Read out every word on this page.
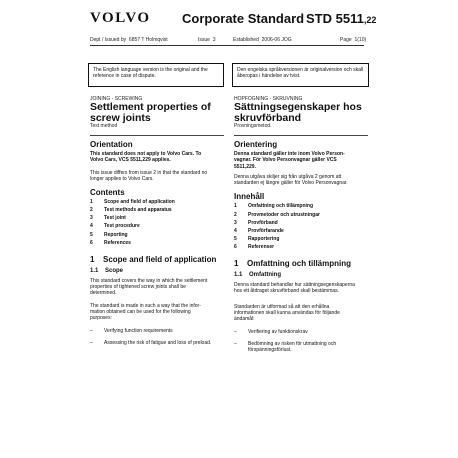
VOLVO Corporate Standard STD 5511,22
Dept / Issued by 6857 T Holmqvist	Issue 3	Established 2006-06 JOG	Page 1(10)
The English language version is the original and the reference in case of dispute.
Den engelska språkversionen är originalversion och skall åberopas i händelse av tvist.
JOINING - SCREWING
Settlement properties of
screw joints
Test method
Orientation
This standard does not apply to Volvo Cars. To
Volvo Cars, VCS 5511,229 applies.
This issue differs from issue 2 in that the standard no
longer applies to Volvo Cars.
Contents
1 Scope and field of application
2 Test methods and apparatus
3 Test joint
4 Test procedure
5 Reporting
6 References
1 Scope and field of application
1.1 Scope
This standard covers the way in which the settlement
properties of tightened screw joints shall be
determined.
The standard is made in such a way that the infor-
mation obtained can be used for the following
purposes:
– Verifying function requirements
– Assessing the risk of fatigue and loss of preload.
HOPFOGNING - SKRUVNING
Sättningsegenskaper hos
skruvförband
Provningsmetod.
Orientering
Denna standard gäller inte inom Volvo Person-
vagnar. För Volvo Personvagnar gäller VCS
5511,229.
Denna utgåva skiljer sig från utgåva 2 genom att
standarden ej längre gäller för Volvo Personvagnar.
Innehåll
1 Omfattning och tillämpning
2 Provmetoder och utrustningar
3 Provförband
4 Provförfarande
5 Rapportering
6 Referenser
1 Omfattning och tillämpning
1.1 Omfattning
Denna standard behandlar hur sättningsegenskaperna
hos ett åtdraget skruvförband skall bestämmas.
Standarden är utformad så att den erhållna
informationen skall kunna användas för följande
ändamål:
– Verifiering av funktionskrav
– Bedömning av risken för utmattning och
förspänningsförlust.
